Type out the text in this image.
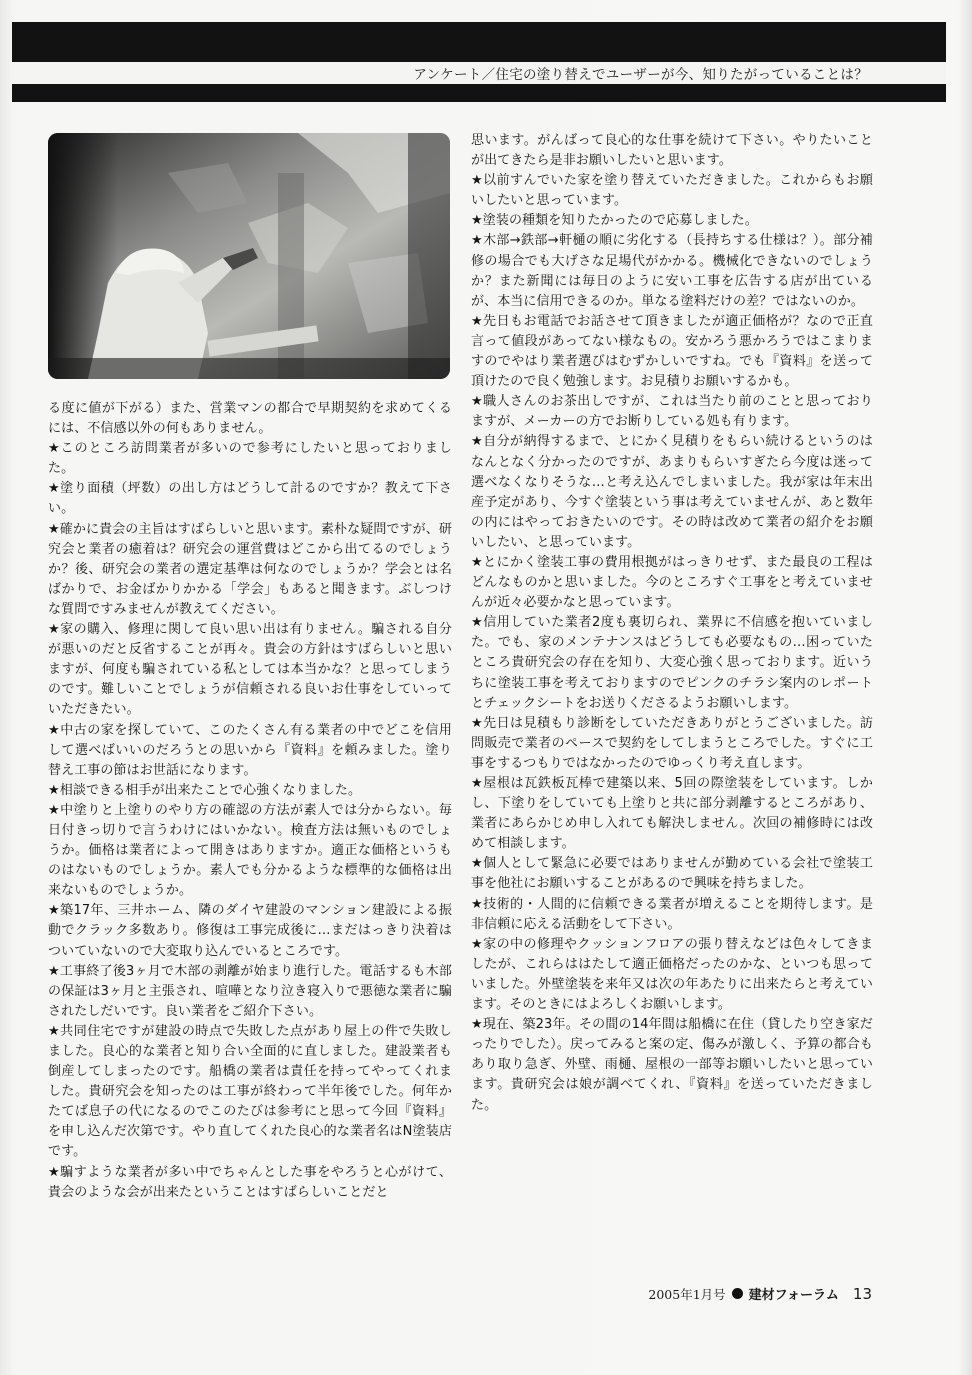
アンケート／住宅の塗り替えでユーザーが今、知りたがっていることは？

る度に値が下がる）また、営業マンの都合で早期契約を求めてくるには、不信感以外の何もありません。

★このところ訪問業者が多いので参考にしたいと思っておりました。

★塗り面積（坪数）の出し方はどうして計るのですか？教えて下さい。

★確かに貴会の主旨はすばらしいと思います。素朴な疑問ですが、研究会と業者の癒着は？研究会の運営費はどこから出てるのでしょうか？後、研究会の業者の選定基準は何なのでしょうか？学会とは名ばかりで、お金ばかりかかる「学会」もあると聞きます。ぶしつけな質問ですみませんが教えてください。

★家の購入、修理に関して良い思い出は有りません。騙される自分が悪いのだと反省することが再々。貴会の方針はすばらしいと思いますが、何度も騙されている私としては本当かな？と思ってしまうのです。難しいことでしょうが信頼される良いお仕事をしていっていただきたい。

★中古の家を探していて、このたくさん有る業者の中でどこを信用して選べばいいのだろうとの思いから『資料』を頼みました。塗り替え工事の節はお世話になります。

★相談できる相手が出来たことで心強くなりました。

★中塗りと上塗りのやり方の確認の方法が素人では分からない。毎日付きっ切りで言うわけにはいかない。検査方法は無いものでしょうか。価格は業者によって開きはありますか。適正な価格というものはないものでしょうか。素人でも分かるような標準的な価格は出来ないものでしょうか。

★築17年、三井ホーム、隣のダイヤ建設のマンション建設による振動でクラック多数あり。修復は工事完成後に…まだはっきり決着はついていないので大変取り込んでいるところです。

★工事終了後3ヶ月で木部の剥離が始まり進行した。電話するも木部の保証は3ヶ月と主張され、喧嘩となり泣き寝入りで悪徳な業者に騙されたしだいです。良い業者をご紹介下さい。

★共同住宅ですが建設の時点で失敗した点があり屋上の件で失敗しました。良心的な業者と知り合い全面的に直しました。建設業者も倒産してしまったのです。船橋の業者は責任を持ってやってくれました。貴研究会を知ったのは工事が終わって半年後でした。何年かたてば息子の代になるのでこのたびは参考にと思って今回『資料』を申し込んだ次第です。やり直してくれた良心的な業者名はN塗装店です。

★騙すような業者が多い中でちゃんとした事をやろうと心がけて、貴会のような会が出来たということはすばらしいことだと

思います。がんばって良心的な仕事を続けて下さい。やりたいことが出てきたら是非お願いしたいと思います。

★以前すんでいた家を塗り替えていただきました。これからもお願いしたいと思っています。

★塗装の種類を知りたかったので応募しました。

★木部→鉄部→軒樋の順に劣化する（長持ちする仕様は？）。部分補修の場合でも大げさな足場代がかかる。機械化できないのでしょうか？また新聞には毎日のように安い工事を広告する店が出ているが、本当に信用できるのか。単なる塗料だけの差？ではないのか。

★先日もお電話でお話させて頂きましたが適正価格が？なので正直言って値段があってない様なもの。安かろう悪かろうではこまりますのでやはり業者選びはむずかしいですね。でも『資料』を送って頂けたので良く勉強します。お見積りお願いするかも。

★職人さんのお茶出しですが、これは当たり前のことと思っておりますが、メーカーの方でお断りしている処も有ります。

★自分が納得するまで、とにかく見積りをもらい続けるというのはなんとなく分かったのですが、あまりもらいすぎたら今度は迷って選べなくなりそうな…と考え込んでしまいました。我が家は年末出産予定があり、今すぐ塗装という事は考えていませんが、あと数年の内にはやっておきたいのです。その時は改めて業者の紹介をお願いしたい、と思っています。

★とにかく塗装工事の費用根拠がはっきりせず、また最良の工程はどんなものかと思いました。今のところすぐ工事をと考えていませんが近々必要かなと思っています。

★信用していた業者2度も裏切られ、業界に不信感を抱いていました。でも、家のメンテナンスはどうしても必要なもの…困っていたところ貴研究会の存在を知り、大変心強く思っております。近いうちに塗装工事を考えておりますのでピンクのチラシ案内のレポートとチェックシートをお送りくださるようお願いします。

★先日は見積もり診断をしていただきありがとうございました。訪問販売で業者のペースで契約をしてしまうところでした。すぐに工事をするつもりではなかったのでゆっくり考え直します。

★屋根は瓦鉄板瓦棒で建築以来、5回の際塗装をしています。しかし、下塗りをしていても上塗りと共に部分剥離するところがあり、業者にあらかじめ申し入れても解決しません。次回の補修時には改めて相談します。

★個人として緊急に必要ではありませんが勤めている会社で塗装工事を他社にお願いすることがあるので興味を持ちました。

★技術的・人間的に信頼できる業者が増えることを期待します。是非信頼に応える活動をして下さい。

★家の中の修理やクッションフロアの張り替えなどは色々してきましたが、これらははたして適正価格だったのかな、といつも思っていました。外壁塗装を来年又は次の年あたりに出来たらと考えています。そのときにはよろしくお願いします。

★現在、築23年。その間の14年間は船橋に在住（貸したり空き家だったりでした）。戻ってみると案の定、傷みが激しく、予算の都合もあり取り急ぎ、外壁、雨樋、屋根の一部等お願いしたいと思っています。貴研究会は娘が調べてくれ、『資料』を送っていただきました。

2005年1月号 建材フォーラム 13
